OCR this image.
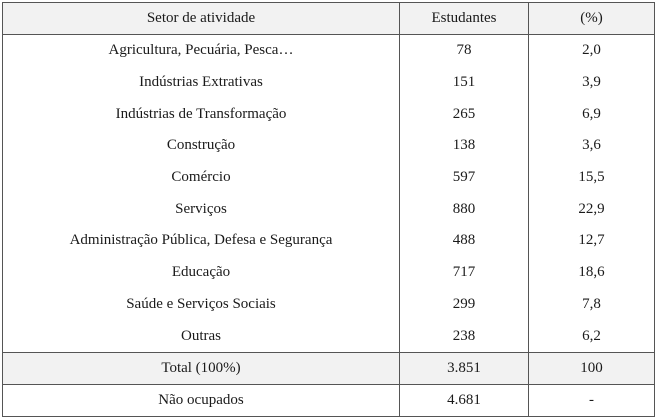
Setor de atividade	Estudantes	(%)
Agricultura, Pecuária, Pesca…	78	2,0
Indústrias Extrativas	151	3,9
Indústrias de Transformação	265	6,9
Construção	138	3,6
Comércio	597	15,5
Serviços	880	22,9
Administração Pública, Defesa e Segurança	488	12,7
Educação	717	18,6
Saúde e Serviços Sociais	299	7,8
Outras	238	6,2
Total (100%)	3.851	100
Não ocupados	4.681	-
